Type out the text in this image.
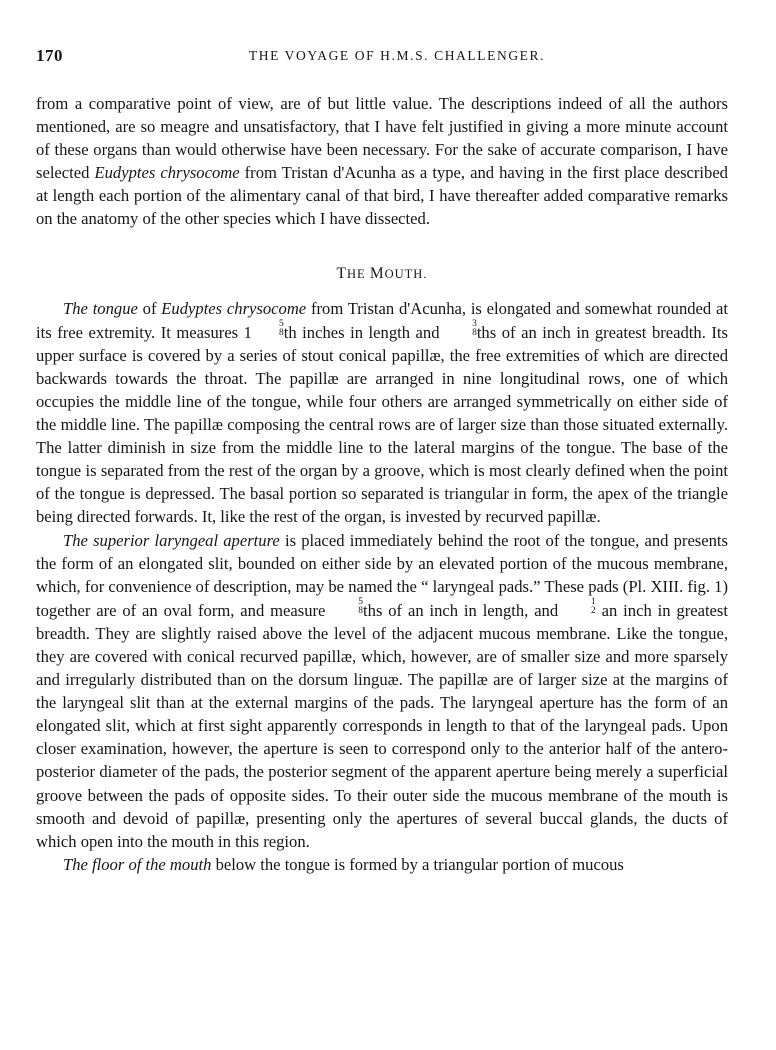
170	THE VOYAGE OF H.M.S. CHALLENGER.

from a comparative point of view, are of but little value. The descriptions indeed of all the authors mentioned, are so meagre and unsatisfactory, that I have felt justified in giving a more minute account of these organs than would otherwise have been necessary. For the sake of accurate comparison, I have selected Eudyptes chrysocome from Tristan d'Acunha as a type, and having in the first place described at length each portion of the alimentary canal of that bird, I have thereafter added comparative remarks on the anatomy of the other species which I have dissected.

THE MOUTH.

The tongue of Eudyptes chrysocome from Tristan d'Acunha, is elongated and somewhat rounded at its free extremity. It measures 1	5
8 th inches in length and	3
8 ths of an inch in greatest breadth. Its upper surface is covered by a series of stout conical papillæ, the free extremities of which are directed backwards towards the throat. The papillæ are arranged in nine longitudinal rows, one of which occupies the middle line of the tongue, while four others are arranged symmetrically on either side of the middle line. The papillæ composing the central rows are of larger size than those situated externally. The latter diminish in size from the middle line to the lateral margins of the tongue. The base of the tongue is separated from the rest of the organ by a groove, which is most clearly defined when the point of the tongue is depressed. The basal portion so separated is triangular in form, the apex of the triangle being directed forwards. It, like the rest of the organ, is invested by recurved papillæ.

The superior laryngeal aperture is placed immediately behind the root of the tongue, and presents the form of an elongated slit, bounded on either side by an elevated portion of the mucous membrane, which, for convenience of description, may be named the “ laryngeal pads.” These pads (Pl. XIII. fig. 1) together are of an oval form, and measure	5
8 ths of an inch in length, and	1
2 an inch in greatest breadth. They are slightly raised above the level of the adjacent mucous membrane. Like the tongue, they are covered with conical recurved papillæ, which, however, are of smaller size and more sparsely and irregularly distributed than on the dorsum linguæ. The papillæ are of larger size at the margins of the laryngeal slit than at the external margins of the pads. The laryngeal aperture has the form of an elongated slit, which at first sight apparently corresponds in length to that of the laryngeal pads. Upon closer examination, however, the aperture is seen to correspond only to the anterior half of the antero-posterior diameter of the pads, the posterior segment of the apparent aperture being merely a superficial groove between the pads of opposite sides. To their outer side the mucous membrane of the mouth is smooth and devoid of papillæ, presenting only the apertures of several buccal glands, the ducts of which open into the mouth in this region.

The floor of the mouth below the tongue is formed by a triangular portion of mucous
